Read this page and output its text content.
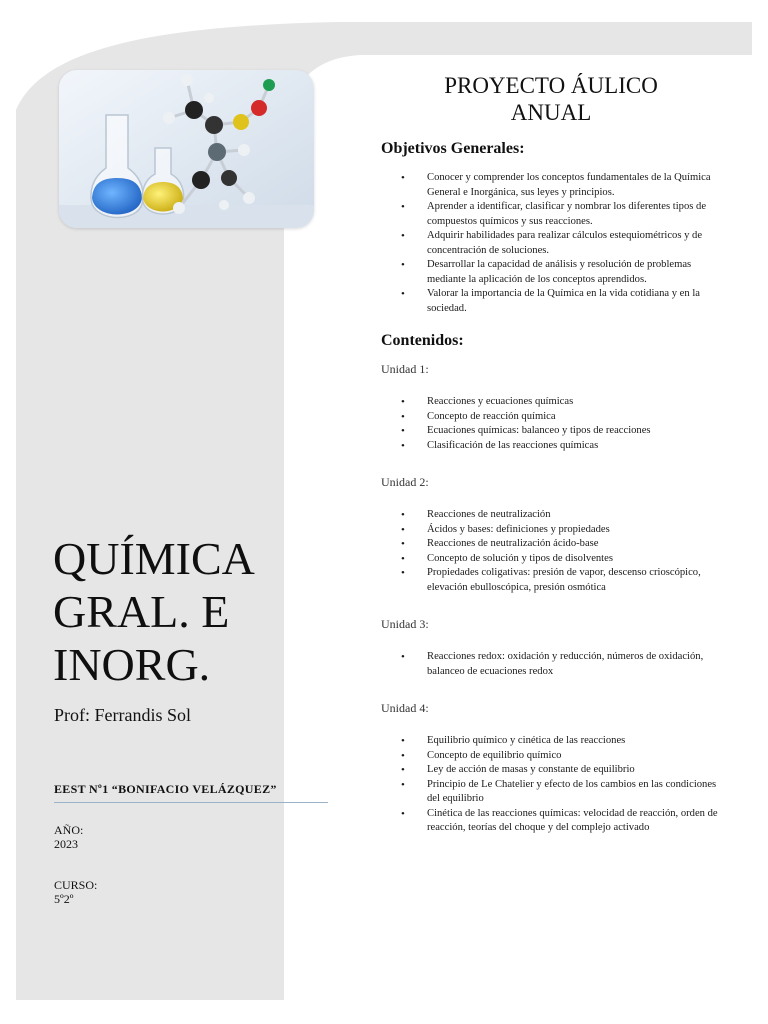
QUÍMICA
GRAL. E
INORG.
Prof: Ferrandis Sol
EEST Nº1 “BONIFACIO VELÁZQUEZ”
AÑO:
2023
CURSO:
5º2º
PROYECTO ÁULICO
ANUAL
Objetivos Generales:
• Conocer y comprender los conceptos fundamentales de la Química General e Inorgánica, sus leyes y principios.
• Aprender a identificar, clasificar y nombrar los diferentes tipos de compuestos químicos y sus reacciones.
• Adquirir habilidades para realizar cálculos estequiométricos y de concentración de soluciones.
• Desarrollar la capacidad de análisis y resolución de problemas mediante la aplicación de los conceptos aprendidos.
• Valorar la importancia de la Química en la vida cotidiana y en la sociedad.
Contenidos:
Unidad 1:
• Reacciones y ecuaciones químicas
• Concepto de reacción química
• Ecuaciones químicas: balanceo y tipos de reacciones
• Clasificación de las reacciones químicas
Unidad 2:
• Reacciones de neutralización
• Ácidos y bases: definiciones y propiedades
• Reacciones de neutralización ácido-base
• Concepto de solución y tipos de disolventes
• Propiedades coligativas: presión de vapor, descenso crioscópico, elevación ebulloscópica, presión osmótica
Unidad 3:
• Reacciones redox: oxidación y reducción, números de oxidación, balanceo de ecuaciones redox
Unidad 4:
• Equilibrio químico y cinética de las reacciones
• Concepto de equilibrio químico
• Ley de acción de masas y constante de equilibrio
• Principio de Le Chatelier y efecto de los cambios en las condiciones del equilibrio
• Cinética de las reacciones químicas: velocidad de reacción, orden de reacción, teorías del choque y del complejo activado
